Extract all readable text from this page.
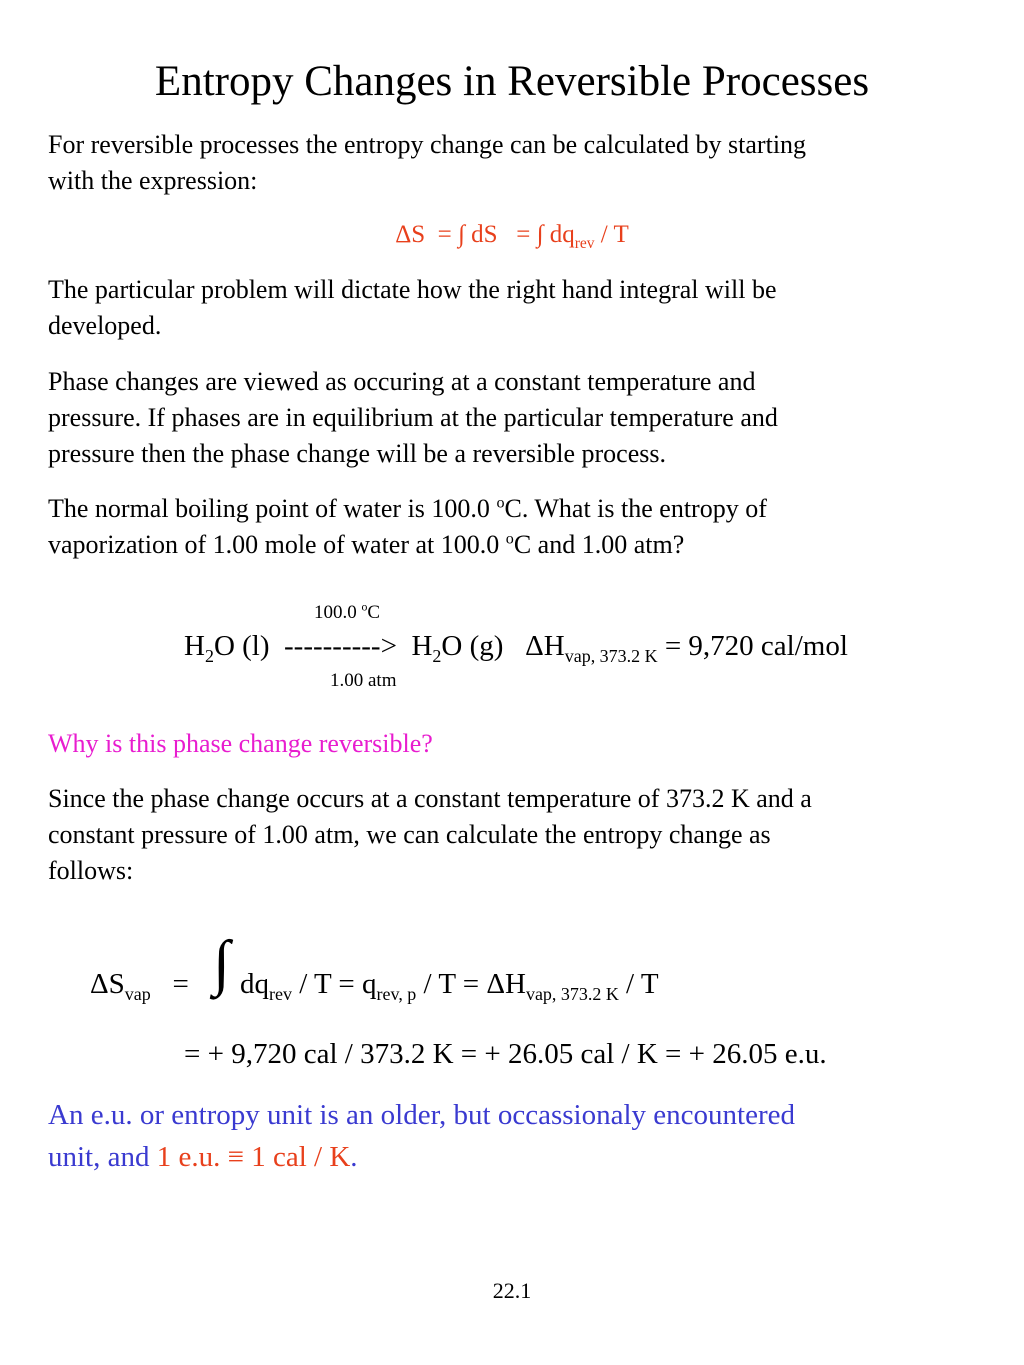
Entropy Changes in Reversible Processes
For reversible processes the entropy change can be calculated by starting
with the expression:
ΔS = ∫ dS = ∫ $dq_{rev}$ / T
The particular problem will dictate how the right hand integral will be
developed.
Phase changes are viewed as occuring at a constant temperature and
pressure. If phases are in equilibrium at the particular temperature and
pressure then the phase change will be a reversible process.
The normal boiling point of water is 100.0 $^o$C. What is the entropy of
vaporization of 1.00 mole of water at 100.0 $^o$C and 1.00 atm?
100.0 $^o$C
$H_2O$ (l) ----------> $H_2O$ (g) $\Delta H_{vap, 373.2 K} = 9,720$ cal/mol
1.00 atm
Why is this phase change reversible?
Since the phase change occurs at a constant temperature of 373.2 K and a
constant pressure of 1.00 atm, we can calculate the entropy change as
follows:
$\Delta S_{vap}$ = ∫ $dq_{rev} / T = q_{rev, p} / T = \Delta H_{vap, 373.2 K} / T$
= + 9,720 cal / 373.2 K = + 26.05 cal / K = + 26.05 e.u.
An e.u. or entropy unit is an older, but occassionaly encountered
unit, and 1 e.u. ≡ 1 cal / K.
22.1
